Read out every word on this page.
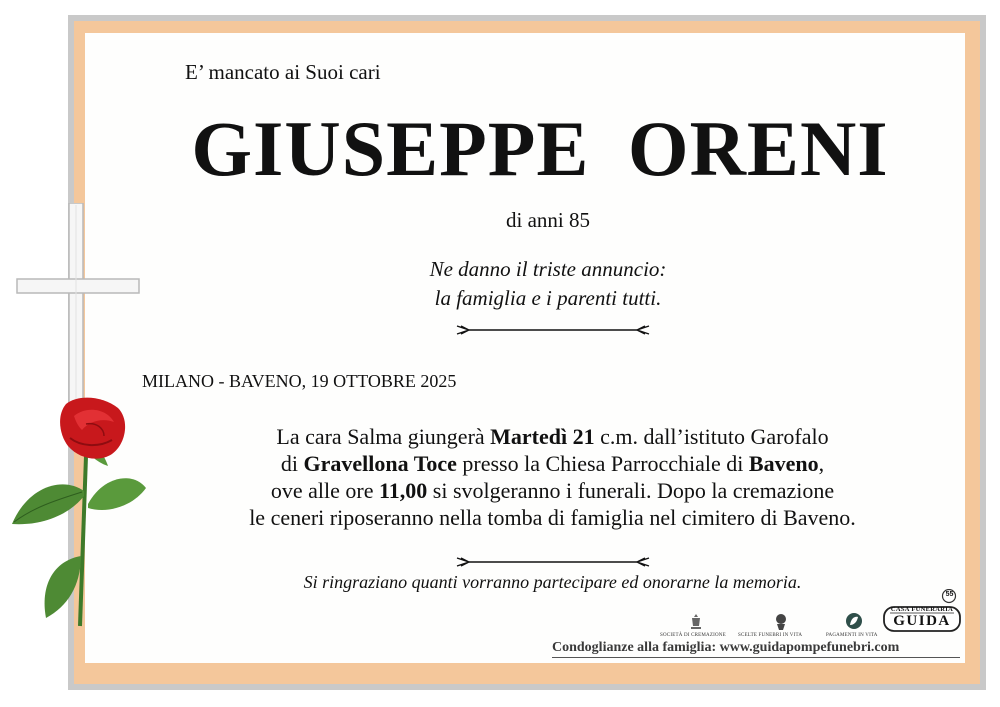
E’ mancato ai Suoi cari
GIUSEPPE ORENI
di anni 85
Ne danno il triste annuncio:
la famiglia e i parenti tutti.
MILANO - BAVENO, 19 OTTOBRE 2025
La cara Salma giungerà Martedì 21 c.m. dall’istituto Garofalo
di Gravellona Toce presso la Chiesa Parrocchiale di Baveno,
ove alle ore 11,00 si svolgeranno i funerali. Dopo la cremazione
le ceneri riposeranno nella tomba di famiglia nel cimitero di Baveno.
Si ringraziano quanti vorranno partecipare ed onorarne la memoria.
SOCIETÀ DI CREMAZIONE SCELTE FUNEBRI IN VITA	PAGAMENTI IN VITA
55
CASA FUNERARIA
GUIDA
Condoglianze alla famiglia: www.guidapompefunebri.com
